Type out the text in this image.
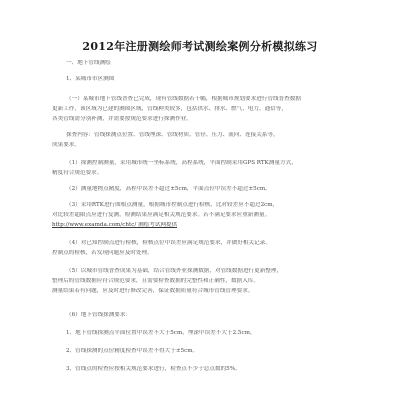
2012年注册测绘师考试测绘案例分析模拟练习
一、地下管线测绘
1、某城市市区测图
（一）某城市地下管线普查已完成，现有管线数据若干幅，根据城市规划要求进行管线普查数据
更新工作，该区域为已建的测图区域，管线种类较多，包括供水、排水、燃气、电力、通信等，
各类管线需分别补测，并需要按规范要求进行探测作业。
探查内容：管线探测点位置、管线埋深、管线材质、管径、压力、流向、连接关系等，
成果要求。
（1）探测控制测量，采用城市统一坐标系统，高程系统，平面控制采用GPS RTK测量方式，
精度符合规范要求。
（2）测量地物点精度，高程中误差不超过±5cm，平面点位中误差不超过±5cm。
（3）采用RTK进行图根点测量，根据城市控制点进行检核，比对较差应不超过2cm，
对比较差超限点应进行复测，检测结果应满足相关规范要求。若不满足要求应重新测量。
http://www.examda.com/chtc/ 测绘考试网提供
（4）对已知控制点进行检核，检核点位中误差应满足规范要求，并做好相关记录。
控制点的检核，若发现问题应及时处理。
（5）以城市管线普查成果为基础，结合管线外业探测数据，对管线数据进行更新整理，
整理后的管线数据应符合规范要求，且需要检查数据的完整性和正确性，数据入库。
测量结果若有问题，应及时进行修改完善，保证数据质量符合城市管线管理要求。
（6）地下管线探测要求：
1、地下管线探测点平面位置中误差不大于5cm，埋深中误差不大于2.5cm。
2、管线探测的点位精度检查中误差不得大于±5cm。
3、管线点的检查应按相关规范要求进行，检查点不少于总点数的5%。
